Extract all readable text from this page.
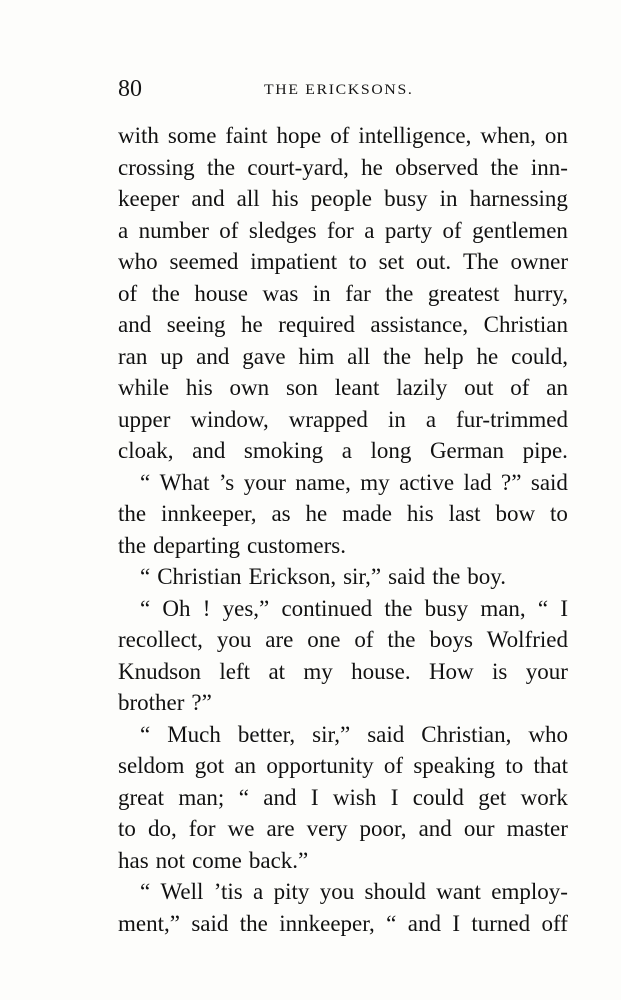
80	THE ERICKSONS.
with some faint hope of intelligence, when, on
crossing the court-yard, he observed the inn-
keeper and all his people busy in harnessing
a number of sledges for a party of gentlemen
who seemed impatient to set out. The owner
of the house was in far the greatest hurry,
and seeing he required assistance, Christian
ran up and gave him all the help he could,
while his own son leant lazily out of an
upper window, wrapped in a fur-trimmed
cloak, and smoking a long German pipe.
“ What ’s your name, my active lad ?” said
the innkeeper, as he made his last bow to
the departing customers.
“ Christian Erickson, sir,” said the boy.
“ Oh ! yes,” continued the busy man, “ I
recollect, you are one of the boys Wolfried
Knudson left at my house. How is your
brother ?”
“ Much better, sir,” said Christian, who
seldom got an opportunity of speaking to that
great man; “ and I wish I could get work
to do, for we are very poor, and our master
has not come back.”
“ Well ’tis a pity you should want employ-
ment,” said the innkeeper, “ and I turned off
